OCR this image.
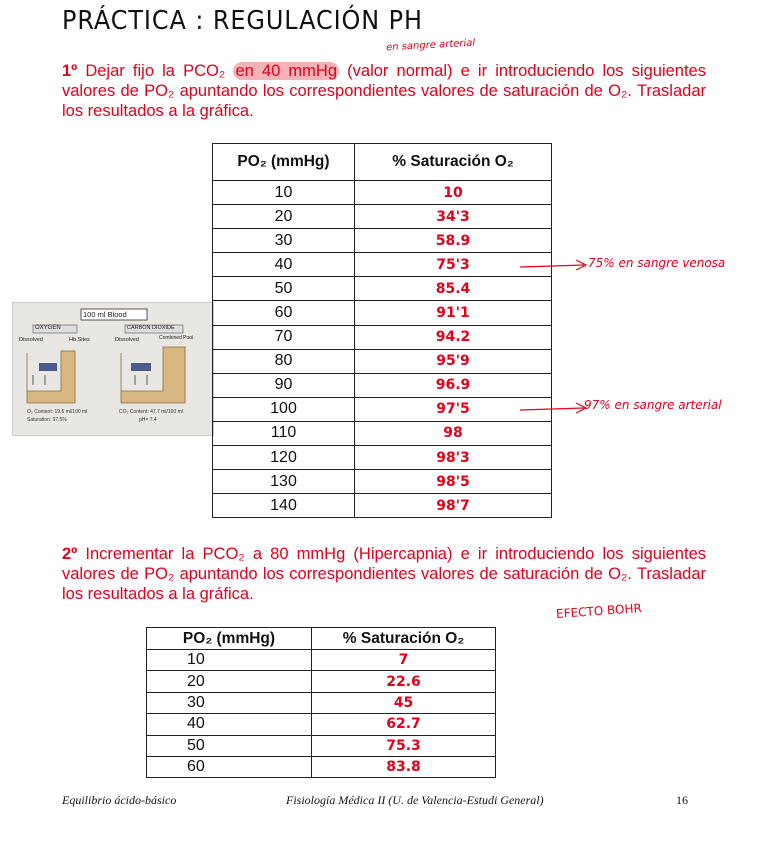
PRÁCTICA : REGULACIÓN PH
en sangre arterial
1º Dejar fijo la PCO₂ en 40 mmHg (valor normal) e ir introduciendo los siguientes valores de PO₂ apuntando los correspondientes valores de saturación de O₂. Trasladar los resultados a la gráfica.
100 ml Blood
OXYGEN	CARBON DIOXIDE
Dissolved	Hb Sites	Dissolved	Combined Pool
O₂ Content: 19.6 ml/100 ml
Saturation: 97.5%
CO₂ Content: 47.7 ml/100 ml
pH= 7.4
PO₂ (mmHg)	% Saturación O₂
10	10
20	34'3
30	58.9
40	75'3
50	85.4
60	91'1
70	94.2
80	95'9
90	96.9
100	97'5
110	98
120	98'3
130	98'5
140	98'7
75% en sangre venosa
97% en sangre arterial
2º Incrementar la PCO₂ a 80 mmHg (Hipercapnia) e ir introduciendo los siguientes valores de PO₂ apuntando los correspondientes valores de saturación de O₂. Trasladar los resultados a la gráfica.
EFECTO BOHR
PO₂ (mmHg)	% Saturación O₂
10	7
20	22.6
30	45
40	62.7
50	75.3
60	83.8
Equilibrio ácido-básico	Fisiología Médica II (U. de Valencia-Estudi General)	16
